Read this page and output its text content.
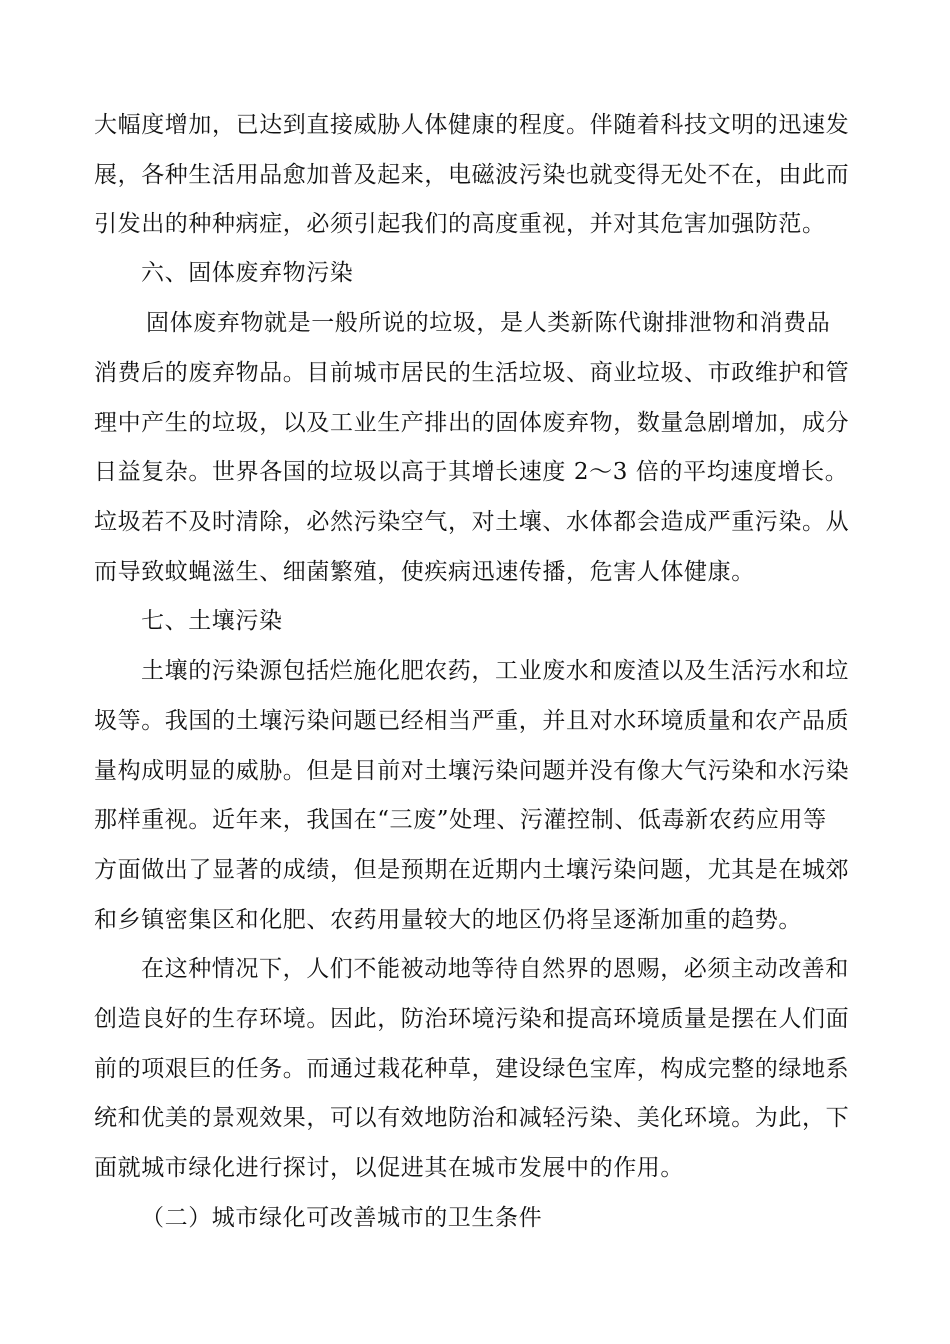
大幅度增加，已达到直接威胁人体健康的程度。伴随着科技文明的迅速发
展，各种生活用品愈加普及起来，电磁波污染也就变得无处不在，由此而
引发出的种种病症，必须引起我们的高度重视，并对其危害加强防范。
六、固体废弃物污染
固体废弃物就是一般所说的垃圾，是人类新陈代谢排泄物和消费品
消费后的废弃物品。目前城市居民的生活垃圾、商业垃圾、市政维护和管
理中产生的垃圾，以及工业生产排出的固体废弃物，数量急剧增加，成分
日益复杂。世界各国的垃圾以高于其增长速度 2～3 倍的平均速度增长。
垃圾若不及时清除，必然污染空气，对土壤、水体都会造成严重污染。从
而导致蚊蝇滋生、细菌繁殖，使疾病迅速传播，危害人体健康。
七、土壤污染
土壤的污染源包括烂施化肥农药，工业废水和废渣以及生活污水和垃
圾等。我国的土壤污染问题已经相当严重，并且对水环境质量和农产品质
量构成明显的威胁。但是目前对土壤污染问题并没有像大气污染和水污染
那样重视。近年来，我国在“三废”处理、污灌控制、低毒新农药应用等
方面做出了显著的成绩，但是预期在近期内土壤污染问题，尤其是在城郊
和乡镇密集区和化肥、农药用量较大的地区仍将呈逐渐加重的趋势。
在这种情况下，人们不能被动地等待自然界的恩赐，必须主动改善和
创造良好的生存环境。因此，防治环境污染和提高环境质量是摆在人们面
前的项艰巨的任务。而通过栽花种草，建设绿色宝库，构成完整的绿地系
统和优美的景观效果，可以有效地防治和减轻污染、美化环境。为此，下
面就城市绿化进行探讨，以促进其在城市发展中的作用。
（二）城市绿化可改善城市的卫生条件
